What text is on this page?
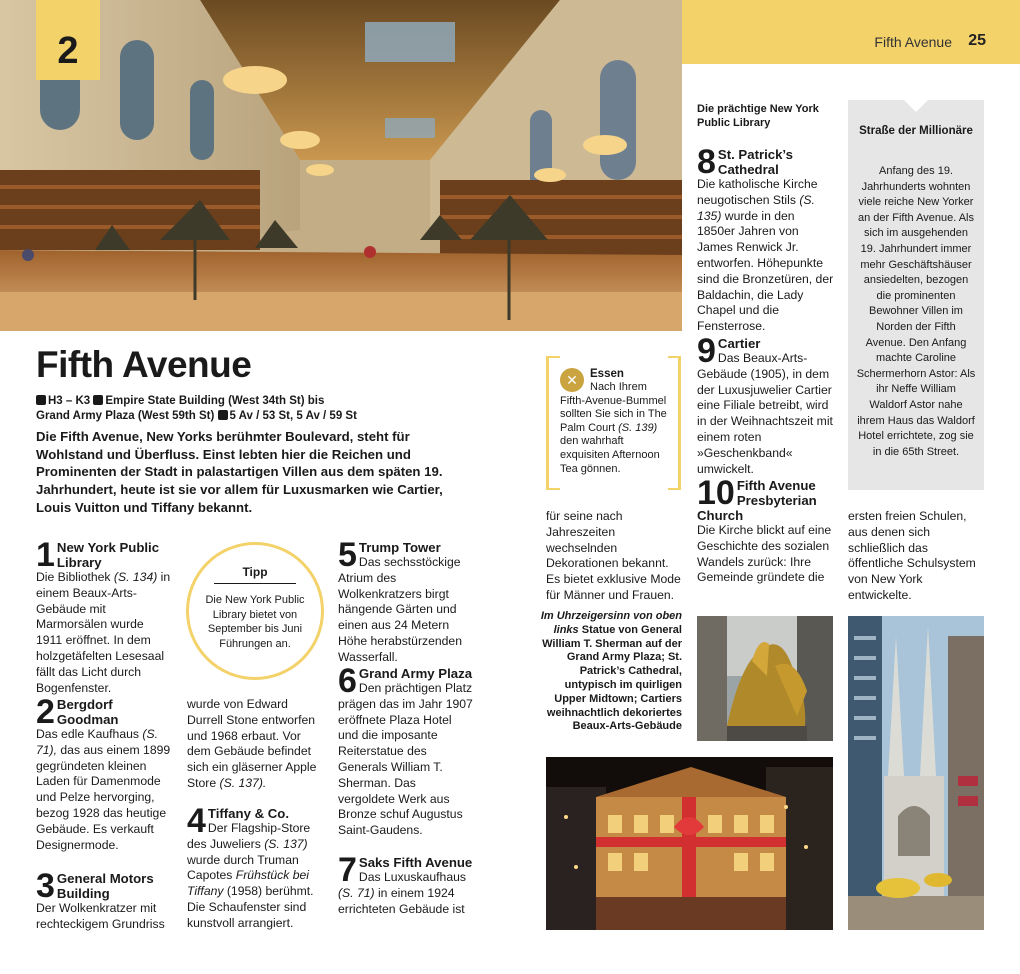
2	Fifth Avenue 25
Fifth Avenue
H3 – K3 Empire State Building (West 34th St) bis
Grand Army Plaza (West 59th St) 5 Av / 53 St, 5 Av / 59 St

Die Fifth Avenue, New Yorks berühmter Boulevard, steht für Wohlstand und Überfluss. Einst lebten hier die Reichen und Prominenten der Stadt in palastartigen Villen aus dem späten 19. Jahrhundert, heute ist sie vor allem für Luxusmarken wie Cartier, Louis Vuitton und Tiffany bekannt.

1 New York Public Library
Die Bibliothek (S. 134) in einem Beaux-Arts-Gebäude mit Marmorsälen wurde 1911 eröffnet. In dem holzgetäfelten Lesesaal fällt das Licht durch Bogenfenster.
2 Bergdorf Goodman
Das edle Kaufhaus (S. 71), das aus einem 1899 gegründeten kleinen Laden für Damenmode und Pelze hervorging, bezog 1928 das heutige Gebäude. Es verkauft Designermode.
3 General Motors Building
Der Wolkenkratzer mit rechteckigem Grundriss
Tipp
Die New York Public Library bietet von September bis Juni Führungen an.
wurde von Edward Durrell Stone entworfen und 1968 erbaut. Vor dem Gebäude befindet sich ein gläserner Apple Store (S. 137).
4 Tiffany & Co.
Der Flagship-Store des Juweliers (S. 137) wurde durch Truman Capotes Frühstück bei Tiffany (1958) berühmt. Die Schaufenster sind kunstvoll arrangiert.
5 Trump Tower
Das sechsstöckige Atrium des Wolkenkratzers birgt hängende Gärten und einen aus 24 Metern Höhe herabstürzenden Wasserfall.
6 Grand Army Plaza
Den prächtigen Platz prägen das im Jahr 1907 eröffnete Plaza Hotel und die imposante Reiterstatue des Generals William T. Sherman. Das vergoldete Werk aus Bronze schuf Augustus Saint-Gaudens.
7 Saks Fifth Avenue
Das Luxuskaufhaus (S. 71) in einem 1924 errichteten Gebäude ist
✕	Essen
Nach Ihrem
Fifth-Avenue-Bummel sollten Sie sich in The Palm Court (S. 139) den wahrhaft exquisiten Afternoon Tea gönnen.
für seine nach Jahreszeiten wechselnden Dekorationen bekannt. Es bietet exklusive Mode für Männer und Frauen.
Die prächtige New York Public Library
8 St. Patrick’s Cathedral
Die katholische Kirche neugotischen Stils (S. 135) wurde in den 1850er Jahren von James Renwick Jr. entworfen. Höhepunkte sind die Bronzetüren, der Baldachin, die Lady Chapel und die Fensterrose.
9 Cartier
Das Beaux-Arts-Gebäude (1905), in dem der Luxusjuwelier Cartier eine Filiale betreibt, wird in der Weihnachtszeit mit einem roten »Geschenkband« umwickelt.
10 Fifth Avenue Presbyterian Church
Die Kirche blickt auf eine Geschichte des sozialen Wandels zurück: Ihre Gemeinde gründete die
Straße der Millionäre
Anfang des 19. Jahrhunderts wohnten viele reiche New Yorker an der Fifth Avenue. Als sich im ausgehenden 19. Jahrhundert immer mehr Geschäftshäuser ansiedelten, bezogen die prominenten Bewohner Villen im Norden der Fifth Avenue. Den Anfang machte Caroline Schermerhorn Astor: Als ihr Neffe William Waldorf Astor nahe ihrem Haus das Waldorf Hotel errichtete, zog sie in die 65th Street.
ersten freien Schulen, aus denen sich schließlich das öffentliche Schulsystem von New York entwickelte.
Im Uhrzeigersinn von oben links Statue von General William T. Sherman auf der Grand Army Plaza; St. Patrick’s Cathedral, untypisch im quirligen Upper Midtown; Cartiers weihnachtlich dekoriertes Beaux-Arts-Gebäude
